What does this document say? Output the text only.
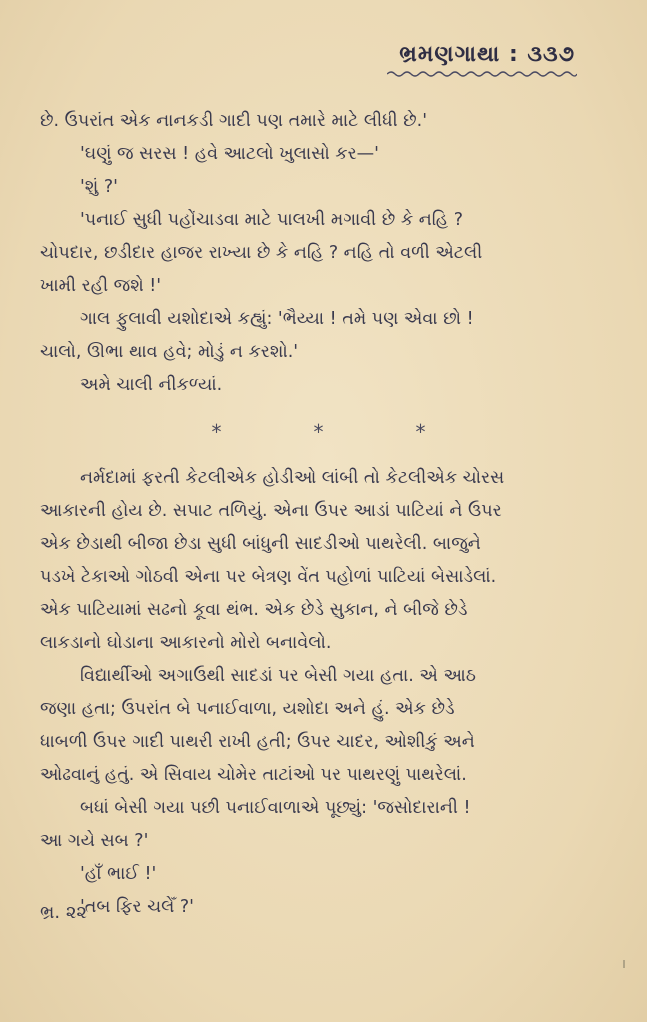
ભ્રમણગાથા : ૩૩૭
છે. ઉપરાંત એક નાનકડી ગાદી પણ તમારે માટે લીધી છે.'
'ઘણું જ સરસ ! હવે આટલો ખુલાસો કર—'
'શું ?'
'પનાઈ સુધી પહોંચાડવા માટે પાલખી મગાવી છે કે નહિ ?
ચોપદાર, છડીદાર હાજર રાખ્યા છે કે નહિ ? નહિ તો વળી એટલી
ખામી રહી જશે !'
ગાલ ફુલાવી યશોદાએ કહ્યું: 'ભૈય્યા ! તમે પણ એવા છો !
ચાલો, ઊભા થાવ હવે; મોડું ન કરશો.'
અમે ચાલી નીકળ્યાં.
*	*	*
નર્મદામાં ફરતી કેટલીએક હોડીઓ લાંબી તો કેટલીએક ચોરસ
આકારની હોય છે. સપાટ તળિયું. એના ઉપર આડાં પાટિયાં ને ઉપર
એક છેડાથી બીજા છેડા સુધી બાંધુની સાદડીઓ પાથરેલી. બાજુને
પડખે ટેકાઓ ગોઠવી એના પર બેત્રણ વેંત પહોળાં પાટિયાં બેસાડેલાં.
એક પાટિયામાં સઢનો કૂવા થંભ. એક છેડે સુકાન, ને બીજે છેડે
લાકડાનો ઘોડાના આકારનો મોરો બનાવેલો.
વિદ્યાર્થીઓ અગાઉથી સાદડાં પર બેસી ગયા હતા. એ આઠ
જણા હતા; ઉપરાંત બે પનાઈવાળા, યશોદા અને હું. એક છેડે
ધાબળી ઉપર ગાદી પાથરી રાખી હતી; ઉપર ચાદર, ઓશીકું અને
ઓઢવાનું હતું. એ સિવાય ચોમેર તાટાંઓ પર પાથરણું પાથરેલાં.
બધાં બેસી ગયા પછી પનાઈવાળાએ પૂછ્યું: 'જસોદારાની !
આ ગયે સબ ?'
'હાઁ ભાઈ !'
'તબ ફિર ચલેઁ ?'
ભ્ર. ૨૨
